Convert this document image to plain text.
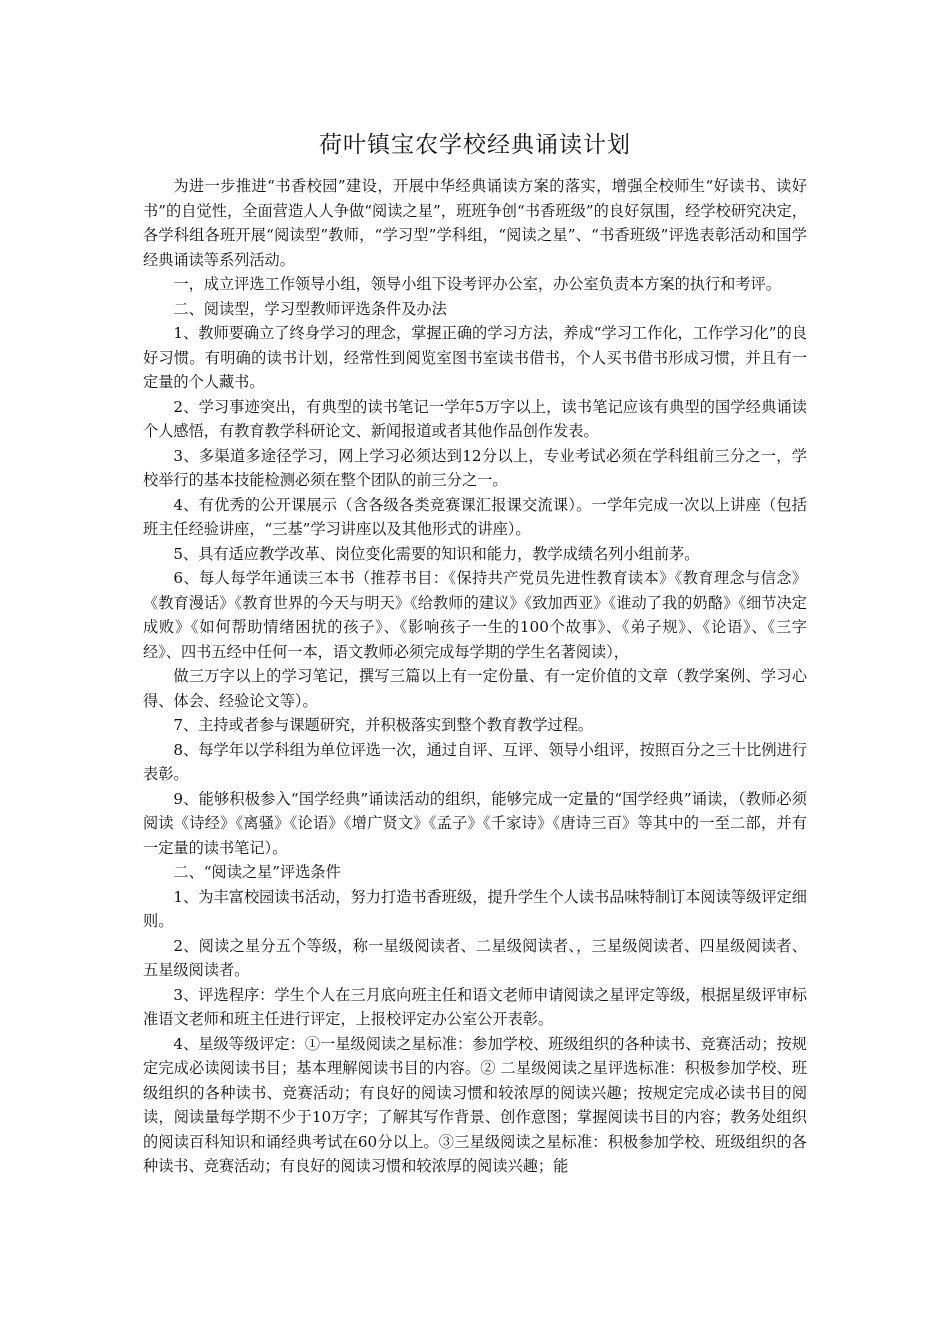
荷叶镇宝农学校经典诵读计划

为进一步推进“书香校园”建设，开展中华经典诵读方案的落实，增强全校师生“好读书、读好书”的自觉性，全面营造人人争做“阅读之星”，班班争创“书香班级”的良好氛围，经学校研究决定，各学科组各班开展“阅读型”教师，“学习型”学科组，“阅读之星”、“书香班级”评选表彰活动和国学经典诵读等系列活动。

一，成立评选工作领导小组，领导小组下设考评办公室，办公室负责本方案的执行和考评。

二、阅读型，学习型教师评选条件及办法

1、教师要确立了终身学习的理念，掌握正确的学习方法，养成“学习工作化，工作学习化”的良好习惯。有明确的读书计划，经常性到阅览室图书室读书借书，个人买书借书形成习惯，并且有一定量的个人藏书。

2、学习事迹突出，有典型的读书笔记一学年5万字以上，读书笔记应该有典型的国学经典诵读个人感悟，有教育教学科研论文、新闻报道或者其他作品创作发表。

3、多渠道多途径学习，网上学习必须达到12分以上，专业考试必须在学科组前三分之一，学校举行的基本技能检测必须在整个团队的前三分之一。

4、有优秀的公开课展示（含各级各类竞赛课汇报课交流课）。一学年完成一次以上讲座（包括班主任经验讲座，“三基”学习讲座以及其他形式的讲座）。

5、具有适应教学改革、岗位变化需要的知识和能力，教学成绩名列小组前茅。

6、每人每学年通读三本书（推荐书目：《保持共产党员先进性教育读本》《教育理念与信念》《教育漫话》《教育世界的今天与明天》《给教师的建议》《致加西亚》《谁动了我的奶酪》《细节决定成败》《如何帮助情绪困扰的孩子》、《影响孩子一生的100个故事》、《弟子规》、《论语》、《三字经》、四书五经中任何一本，语文教师必须完成每学期的学生名著阅读），

做三万字以上的学习笔记，撰写三篇以上有一定份量、有一定价值的文章（教学案例、学习心得、体会、经验论文等）。

7、主持或者参与课题研究，并积极落实到整个教育教学过程。

8、每学年以学科组为单位评选一次，通过自评、互评、领导小组评，按照百分之三十比例进行表彰。

9、能够积极参入“国学经典”诵读活动的组织，能够完成一定量的“国学经典”诵读，（教师必须阅读《诗经》《离骚》《论语》《增广贤文》《孟子》《千家诗》《唐诗三百》等其中的一至二部，并有一定量的读书笔记）。

二、“阅读之星”评选条件

1、为丰富校园读书活动，努力打造书香班级，提升学生个人读书品味特制订本阅读等级评定细则。

2、阅读之星分五个等级，称一星级阅读者、二星级阅读者、，三星级阅读者、四星级阅读者、五星级阅读者。

3、评选程序：学生个人在三月底向班主任和语文老师申请阅读之星评定等级，根据星级评审标准语文老师和班主任进行评定，上报校评定办公室公开表彰。

4、星级等级评定：①一星级阅读之星标准：参加学校、班级组织的各种读书、竞赛活动；按规定完成必读阅读书目；基本理解阅读书目的内容。② 二星级阅读之星评选标准：积极参加学校、班级组织的各种读书、竞赛活动；有良好的阅读习惯和较浓厚的阅读兴趣；按规定完成必读书目的阅读，阅读量每学期不少于10万字；了解其写作背景、创作意图；掌握阅读书目的内容；教务处组织的阅读百科知识和诵经典考试在60分以上。③三星级阅读之星标准：积极参加学校、班级组织的各种读书、竞赛活动；有良好的阅读习惯和较浓厚的阅读兴趣；能
